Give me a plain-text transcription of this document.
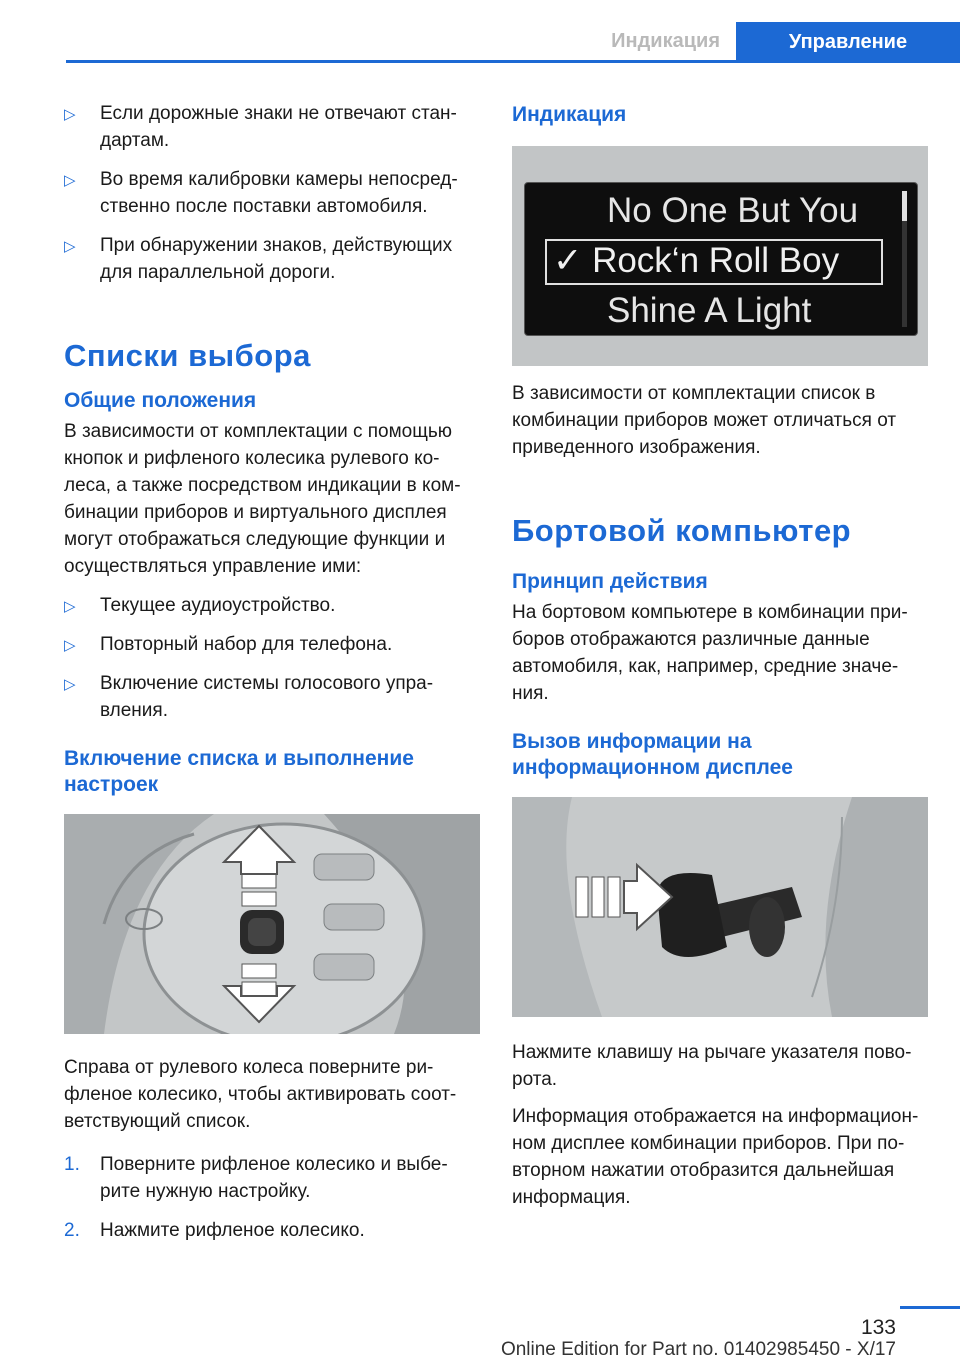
Индикация	Управление
▷ Если дорожные знаки не отвечают стан-дартам.
▷ Во время калибровки камеры непосред-ственно после поставки автомобиля.
▷ При обнаружении знаков, действующих для параллельной дороги.
Списки выбора
Общие положения

В зависимости от комплектации с помощью кнопок и рифленого колесика рулевого ко-леса, а также посредством индикации в ком-бинации приборов и виртуального дисплея могут отображаться следующие функции и осуществляться управление ими:

▷ Текущее аудиоустройство.
▷ Повторный набор для телефона.
▷ Включение системы голосового упра-вления.
Включение списка и выполнение настроек

Справа от рулевого колеса поверните ри-фленое колесико, чтобы активировать соот-ветствующий список.

1. Поверните рифленое колесико и выбе-рите нужную настройку.
2. Нажмите рифленое колесико.
Индикация
No One But You
✓ Rock‘n Roll Boy
Shine A Light

В зависимости от комплектации список в комбинации приборов может отличаться от приведенного изображения.

Бортовой компьютер
Принцип действия

На бортовом компьютере в комбинации при-боров отображаются различные данные автомобиля, как, например, средние значе-ния.

Вызов информации на информационном дисплее

Нажмите клавишу на рычаге указателя пово-рота.

Информация отображается на информацион-ном дисплее комбинации приборов. При по-вторном нажатии отобразится дальнейшая информация.

133
Online Edition for Part no. 01402985450 - X/17
